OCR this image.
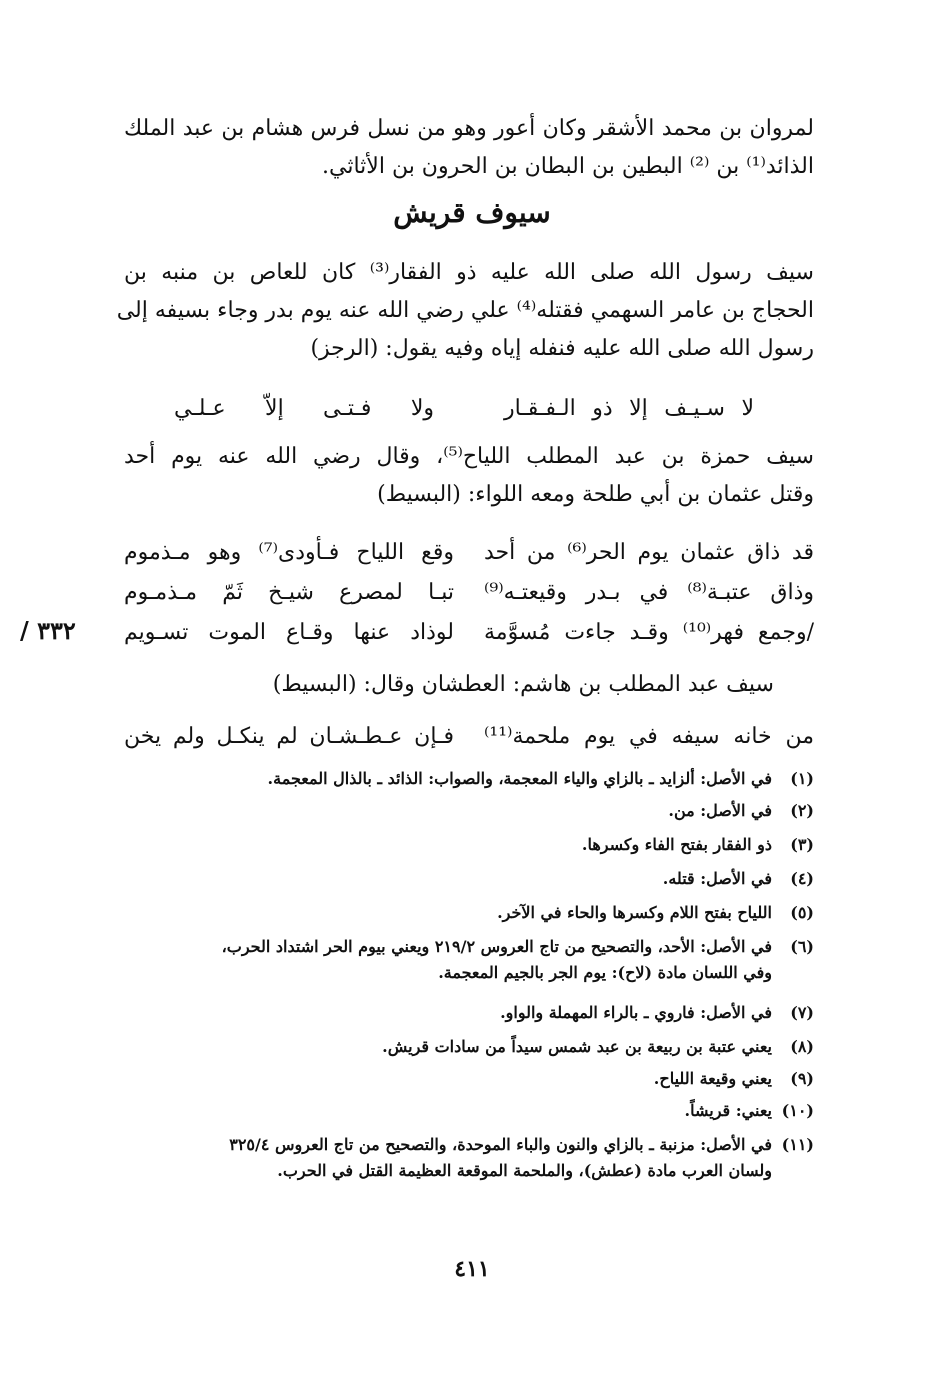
لمروان بن محمد الأشقر وكان أعور وهو من نسل فرس هشام بن عبد الملك
الذائد⁽¹⁾ بن ⁽²⁾ البطين بن البطان بن الحرون بن الأثاثي.
سيوف قريش
سيف رسول الله صلى الله عليه ذو الفقار⁽³⁾ كان للعاص بن منبه بن
الحجاج بن عامر السهمي فقتله⁽⁴⁾ علي رضي الله عنه يوم بدر وجاء بسيفه إلى
رسول الله صلى الله عليه فنفله إياه وفيه يقول: (الرجز)
لا سـيـف إلا ذو الـفـقـار
ولا فـتـى إلاّ عـلـي
سيف حمزة بن عبد المطلب اللياح⁽⁵⁾، وقال رضي الله عنه يوم أحد
وقتل عثمان بن أبي طلحة ومعه اللواء: (البسيط)
قد ذاق عثمان يوم الحر⁽⁶⁾ من أحد
وقع اللياح فـأودى⁽⁷⁾ وهو مـذموم
وذاق عتبـة⁽⁸⁾ في بـدر وقيعتـه⁽⁹⁾
تبـا لمصرع شيـخ ثَمّ مـذمـوم
/وجمع فهر⁽¹⁰⁾ وقـد جاءت مُسوَّمة
لوذاد عنها وقـاع الموت تسـويم
٣٣٢ /
سيف عبد المطلب بن هاشم: العطشان وقال: (البسيط)
من خانه سيفه في يوم ملحمة⁽¹¹⁾
فـإن عـطـشـان لم ينكـل ولم يخن
(١)في الأصل: ألزايد ـ بالزاي والياء المعجمة، والصواب: الذائد ـ بالذال المعجمة.
(٢)في الأصل: من.
(٣)ذو الفقار بفتح الفاء وكسرها.
(٤)في الأصل: قتله.
(٥)اللياح بفتح اللام وكسرها والحاء في الآخر.
(٦)في الأصل: الأحد، والتصحيح من تاج العروس ٢١٩/٢ ويعني بيوم الحر اشتداد الحرب،
وفي اللسان مادة (لاح): يوم الجر بالجيم المعجمة.
(٧)في الأصل: فاروي ـ بالراء المهملة والواو.
(٨)يعني عتبة بن ربيعة بن عبد شمس سيداً من سادات قريش.
(٩)يعني وقيعة اللياح.
(١٠)يعني: قريشاً.
(١١)في الأصل: مزنبة ـ بالزاي والنون والباء الموحدة، والتصحيح من تاج العروس ٣٢٥/٤
ولسان العرب مادة (عطش)، والملحمة الموقعة العظيمة القتل في الحرب.
٤١١
